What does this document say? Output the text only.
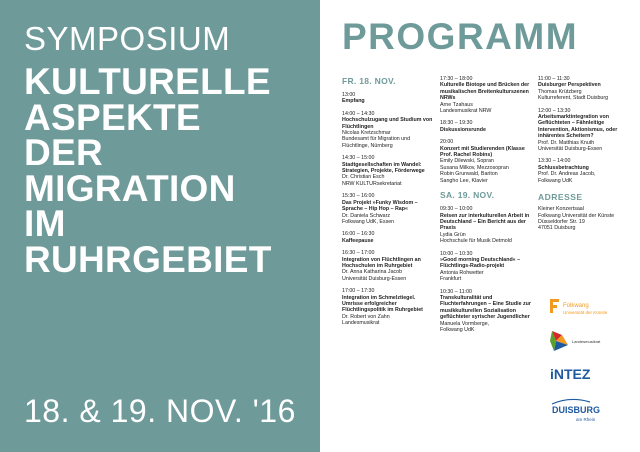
SYMPOSIUM
KULTURELLE
ASPEKTE
DER
MIGRATION
IM
RUHRGEBIET
18. & 19. NOV. '16
PROGRAMM
FR. 18. NOV.
13:00
Empfang
14:00 – 14:30
Hochschulzugang und Studium von Flüchtlingen
Nicolas Kretzschmar
Bundesamt für Migration und Flüchtlinge, Nürnberg
14:30 – 15:00
Stadtgesellschaften im Wandel: Strategien, Projekte, Förderwege
Dr. Christian Esch
NRW KULTURsekretariat
15:30 – 16:00
Das Projekt »Funky Wisdom – Sprache – Hip Hop – Rap«
Dr. Daniela Schwarz
Folkwang UdK, Essen
16:00 – 16:30
Kaffeepause
16:30 – 17:00
Integration von Flüchtlingen an Hochschulen im Ruhrgebiet
Dr. Anna Katharina Jacob
Universität Duisburg-Essen
17:00 – 17:30
Integration im Schmelztiegel. Umrisse erfolgreicher Flüchtlingspolitik im Ruhrgebiet
Dr. Robert von Zahn
Landesmusikrat
17:30 – 18:00
Kulturelle Biotope und Brücken der musikalischen Breitenkulturszenen NRWs
Arne Tzahaus
Landesmusikrat NRW
18:30 – 19:30
Diskussionsrunde
20:00
Konzert mit Studierenden (Klasse Prof. Rachel Robins)
Emily Dilewski, Sopran
Susana Milkov, Mezzosopran
Robin Grunwald, Bariton
Sangho Lee, Klavier
SA. 19. NOV.
09:30 – 10:00
Reisen zur interkulturellen Arbeit in Deutschland – Ein Bericht aus der Praxis
Lydia Grün
Hochschule für Musik Detmold
10:00 – 10:30
»Good morning Deutschland« – Flüchtlings-Radio-projekt
Antonia Rohwetter
Frankfurt
10:30 – 11:00
Transkulturalität und Fluchterfahrungen – Eine Studie zur musikkulturellen Sozialisation geflüchteter syrischer Jugendlicher
Manuela Vormberge,
Folkwang UdK
11:00 – 11:30
Duisburger Perspektiven
Thomas Krützberg
Kulturreferent, Stadt Duisburg
12:00 – 13:30
Arbeitsmarktintegration von Geflüchteten – Fähnleitige Intervention, Aktionismus, oder inhärentes Scheitern?
Prof. Dr. Matthias Knuth
Universität Duisburg-Essen
13:30 – 14:00
Schlussbetrachtung
Prof. Dr. Andreas Jacob,
Folkwang UdK
ADRESSE
Kleiner Konzertsaal
Folkwang Universität der Künste
Düsseldorfer Str. 19
47051 Duisburg
Folkwang
Universität der Künste
Landesmusikrat
iNTEZ
DUISBURG
am Rhein
